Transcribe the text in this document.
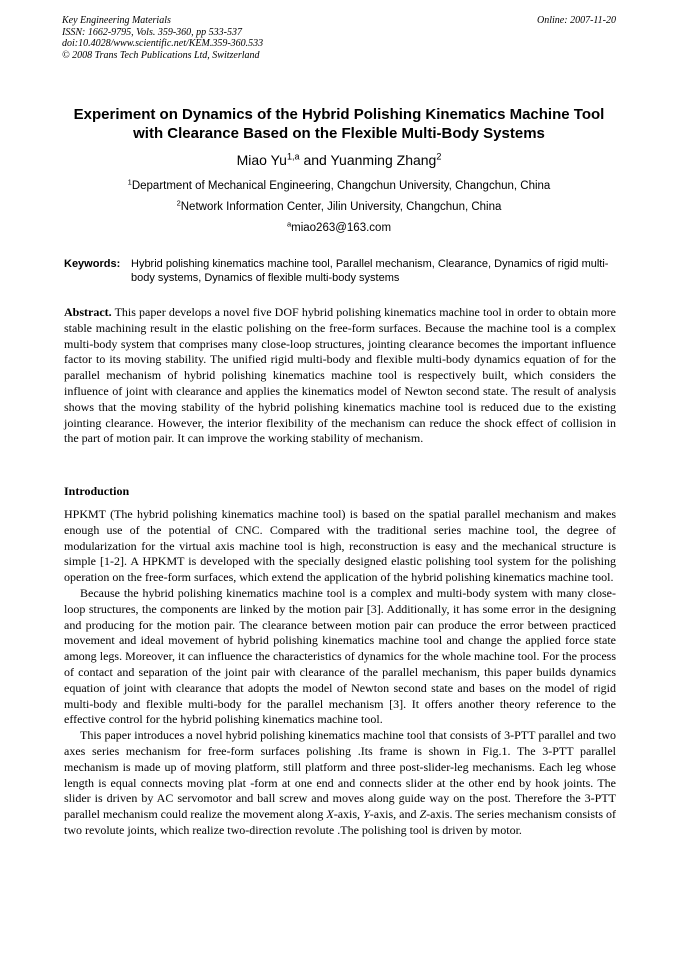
Key Engineering Materials
ISSN: 1662-9795, Vols. 359-360, pp 533-537
doi:10.4028/www.scientific.net/KEM.359-360.533
© 2008 Trans Tech Publications Ltd, Switzerland
Online: 2007-11-20
Experiment on Dynamics of the Hybrid Polishing Kinematics Machine Tool with Clearance Based on the Flexible Multi-Body Systems
Miao Yu$^{1,a}$ and Yuanming Zhang$^2$
$^1$Department of Mechanical Engineering, Changchun University, Changchun, China
$^2$Network Information Center, Jilin University, Changchun, China
$^a$miao263@163.com
Keywords: Hybrid polishing kinematics machine tool, Parallel mechanism, Clearance, Dynamics of rigid multi-body systems, Dynamics of flexible multi-body systems
Abstract. This paper develops a novel five DOF hybrid polishing kinematics machine tool in order to obtain more stable machining result in the elastic polishing on the free-form surfaces. Because the machine tool is a complex multi-body system that comprises many close-loop structures, jointing clearance becomes the important influence factor to its moving stability. The unified rigid multi-body and flexible multi-body dynamics equation of for the parallel mechanism of hybrid polishing kinematics machine tool is respectively built, which considers the influence of joint with clearance and applies the kinematics model of Newton second state. The result of analysis shows that the moving stability of the hybrid polishing kinematics machine tool is reduced due to the existing jointing clearance. However, the interior flexibility of the mechanism can reduce the shock effect of collision in the part of motion pair. It can improve the working stability of mechanism.
Introduction

HPKMT (The hybrid polishing kinematics machine tool) is based on the spatial parallel mechanism and makes enough use of the potential of CNC. Compared with the traditional series machine tool, the degree of modularization for the virtual axis machine tool is high, reconstruction is easy and the mechanical structure is simple [1-2]. A HPKMT is developed with the specially designed elastic polishing tool system for the polishing operation on the free-form surfaces, which extend the application of the hybrid polishing kinematics machine tool.

Because the hybrid polishing kinematics machine tool is a complex and multi-body system with many close-loop structures, the components are linked by the motion pair [3]. Additionally, it has some error in the designing and producing for the motion pair. The clearance between motion pair can produce the error between practiced movement and ideal movement of hybrid polishing kinematics machine tool and change the applied force state among legs. Moreover, it can influence the characteristics of dynamics for the whole machine tool. For the process of contact and separation of the joint pair with clearance of the parallel mechanism, this paper builds dynamics equation of joint with clearance that adopts the model of Newton second state and bases on the model of rigid multi-body and flexible multi-body for the parallel mechanism [3]. It offers another theory reference to the effective control for the hybrid polishing kinematics machine tool.

This paper introduces a novel hybrid polishing kinematics machine tool that consists of 3-PTT parallel and two axes series mechanism for free-form surfaces polishing .Its frame is shown in Fig.1. The 3-PTT parallel mechanism is made up of moving platform, still platform and three post-slider-leg mechanisms. Each leg whose length is equal connects moving plat -form at one end and connects slider at the other end by hook joints. The slider is driven by AC servomotor and ball screw and moves along guide way on the post. Therefore the 3-PTT parallel mechanism could realize the movement along X-axis, Y-axis, and Z-axis. The series mechanism consists of two revolute joints, which realize two-direction revolute .The polishing tool is driven by motor.
